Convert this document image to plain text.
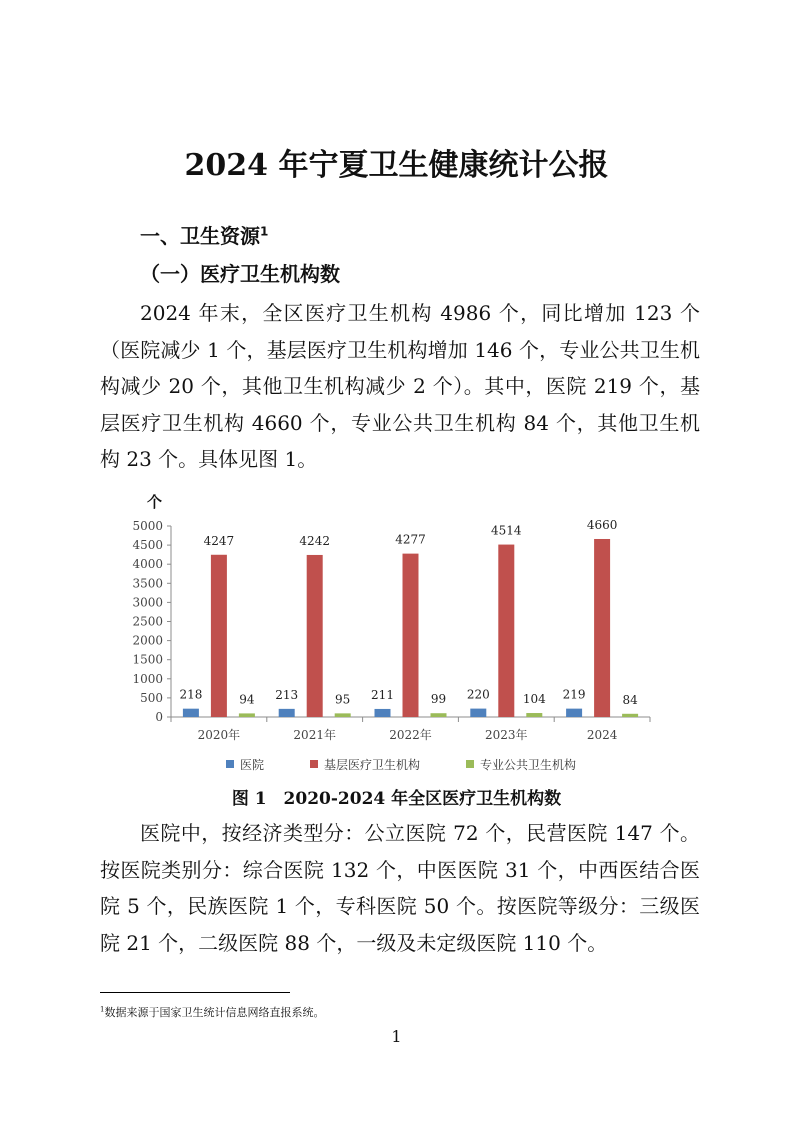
2024 年宁夏卫生健康统计公报
一、卫生资源$^1$
（一）医疗卫生机构数

2024 年末，全区医疗卫生机构 4986 个，同比增加 123 个（医院减少 1 个，基层医疗卫生机构增加 146 个，专业公共卫生机构减少 20 个，其他卫生机构减少 2 个）。其中，医院 219 个，基层医疗卫生机构 4660 个，专业公共卫生机构 84 个，其他卫生机构 23 个。具体见图 1。

个
0
500
1000
1500
2000
2500
3000
3500
4000
4500
5000
2020年
218
4247
94
2021年
213
4242
95
2022年
211
4277
99
2023年
220
4514
104
2024
219
4660
84
医院	基层医疗卫生机构	专业公共卫生机构
图 1　2020-2024 年全区医疗卫生机构数

医院中，按经济类型分：公立医院 72 个，民营医院 147 个。按医院类别分：综合医院 132 个，中医医院 31 个，中西医结合医院 5 个，民族医院 1 个，专科医院 50 个。按医院等级分：三级医院 21 个，二级医院 88 个，一级及未定级医院 110 个。

$^1$数据来源于国家卫生统计信息网络直报系统。
1
